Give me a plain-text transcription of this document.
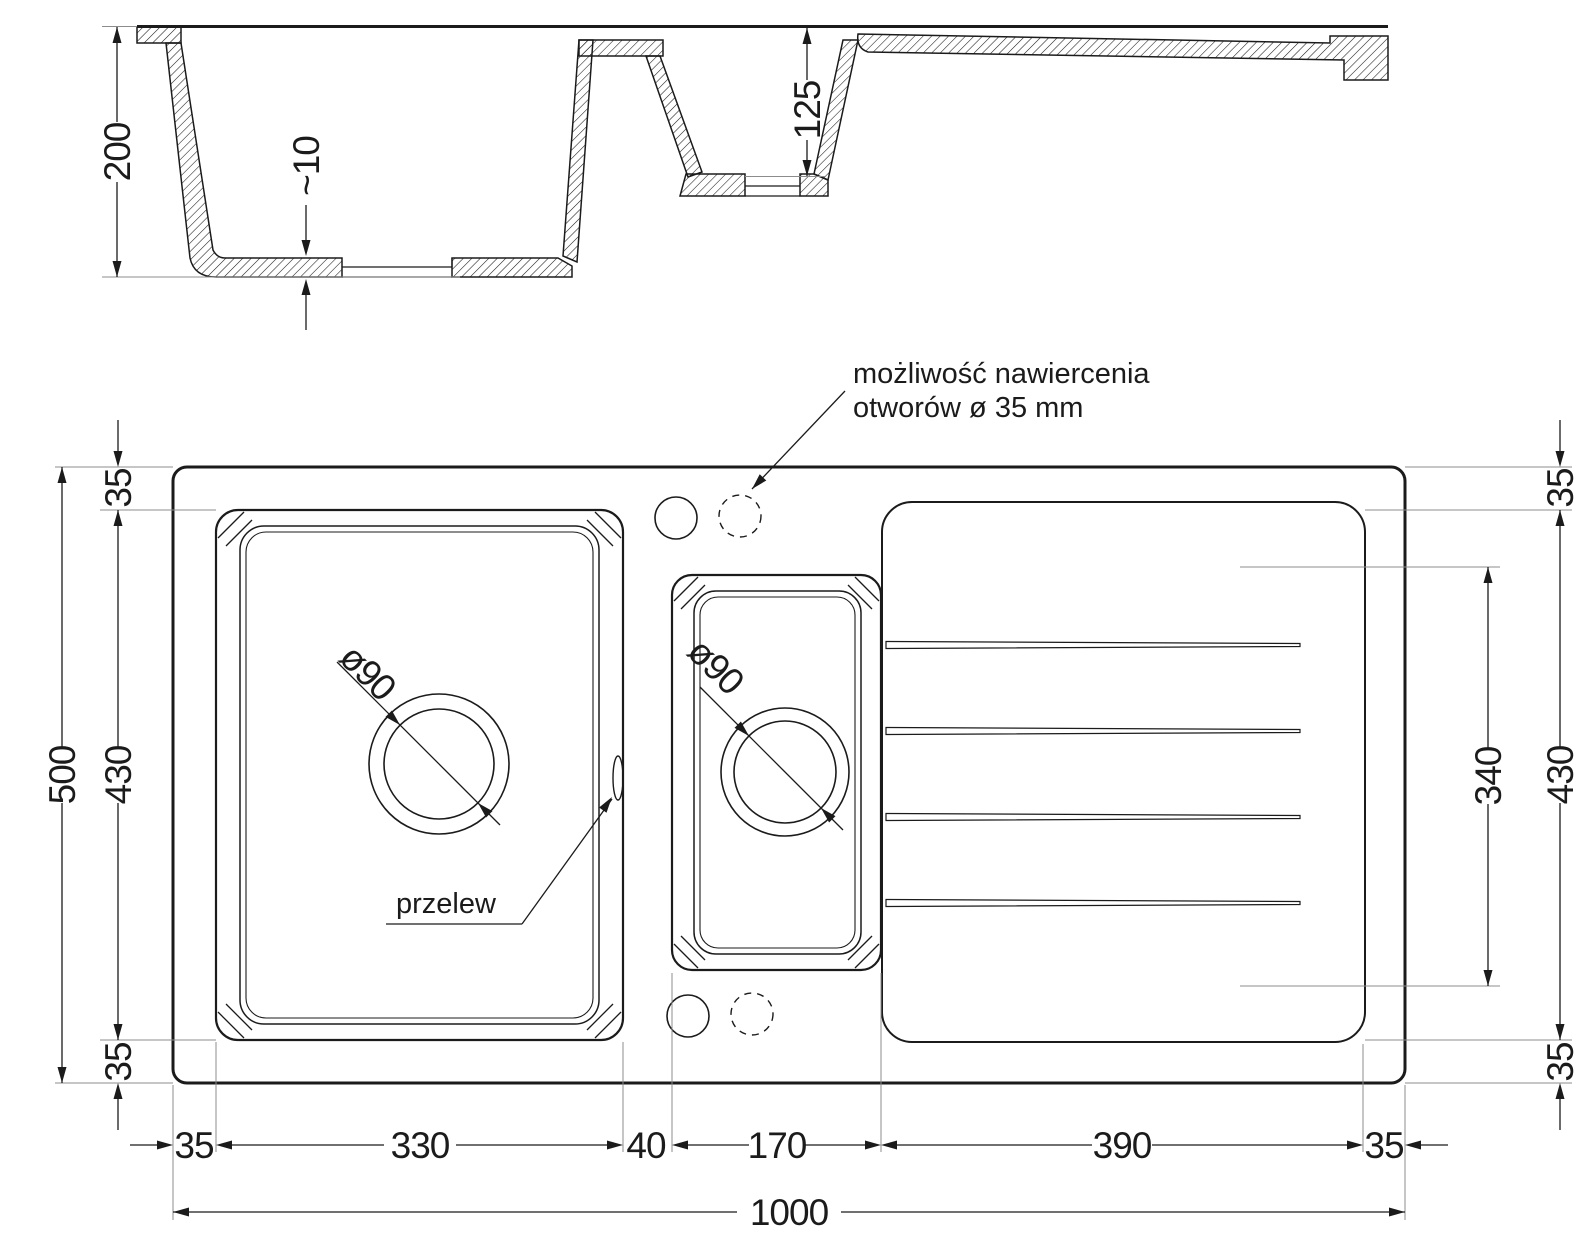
200	~10
125
ø90	ø90
możliwość nawiercenia
otworów ø 35 mm
przelew
500
35
430
35
35
430
35
340
35	330	40 170	390	35
1000
